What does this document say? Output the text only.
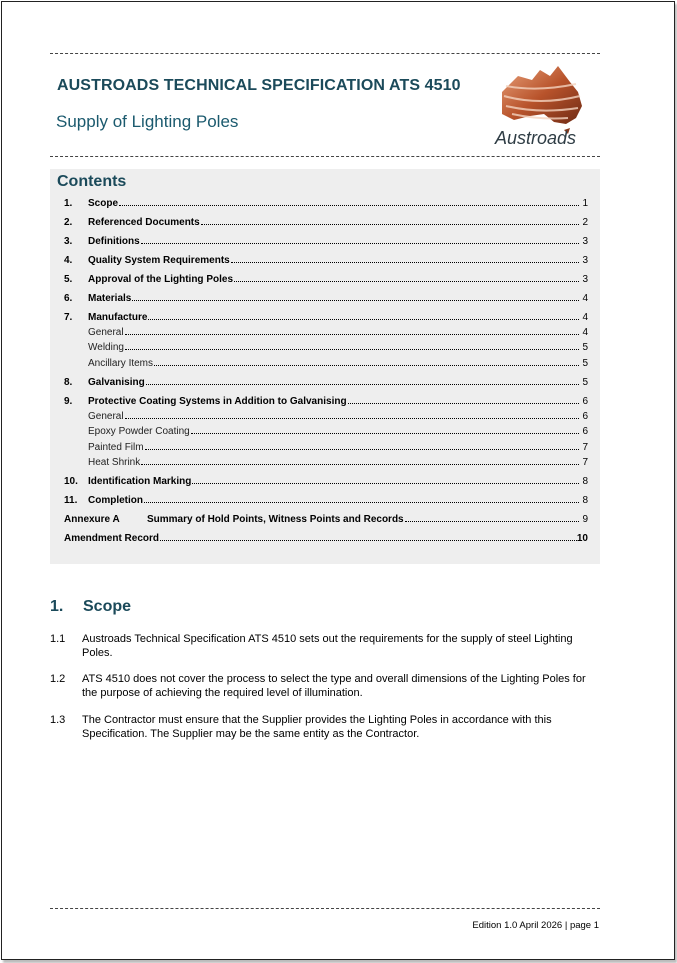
AUSTROADS TECHNICAL SPECIFICATION ATS 4510
Supply of Lighting Poles
Austroads
Contents
1. Scope	1
2. Referenced Documents	2
3. Definitions	3
4. Quality System Requirements	3
5. Approval of the Lighting Poles	3
6. Materials	4
7. Manufacture	4
General	4
Welding	5
Ancillary Items	5
8. Galvanising	5
9. Protective Coating Systems in Addition to Galvanising	6
General	6
Epoxy Powder Coating	6
Painted Film	7
Heat Shrink	7
10. Identification Marking	8
11. Completion	8
Annexure A	Summary of Hold Points, Witness Points and Records	9
Amendment Record	10
1. Scope
1.1 Austroads Technical Specification ATS 4510 sets out the requirements for the supply of steel Lighting Poles.
1.2 ATS 4510 does not cover the process to select the type and overall dimensions of the Lighting Poles for the purpose of achieving the required level of illumination.
1.3 The Contractor must ensure that the Supplier provides the Lighting Poles in accordance with this Specification. The Supplier may be the same entity as the Contractor.
Edition 1.0 April 2026 | page 1
